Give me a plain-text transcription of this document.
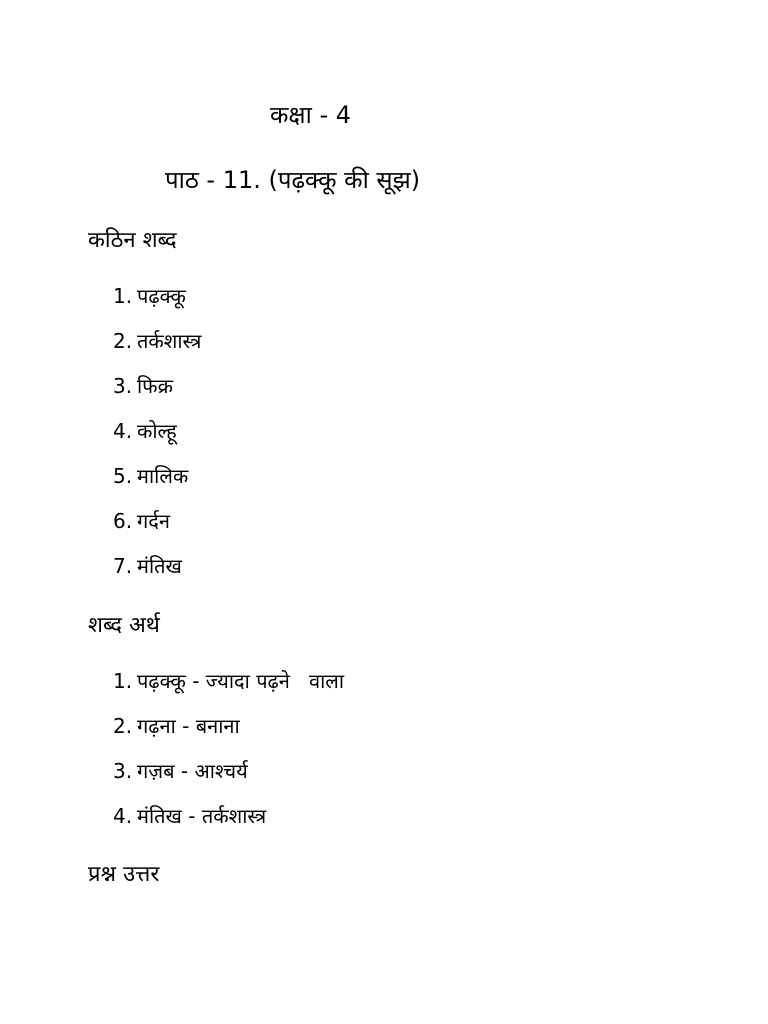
कक्षा - 4
पाठ - 11. (पढ़क्कू की सूझ)
कठिन शब्द
1. पढ़क्कू
2. तर्कशास्त्र
3. फिक्र
4. कोल्हू
5. मालिक
6. गर्दन
7. मंतिख
शब्द अर्थ
1. पढ़क्कू - ज्यादा पढ़ने   वाला
2. गढ़ना - बनाना
3. गज़ब - आश्चर्य
4. मंतिख - तर्कशास्त्र
प्रश्न उत्तर
